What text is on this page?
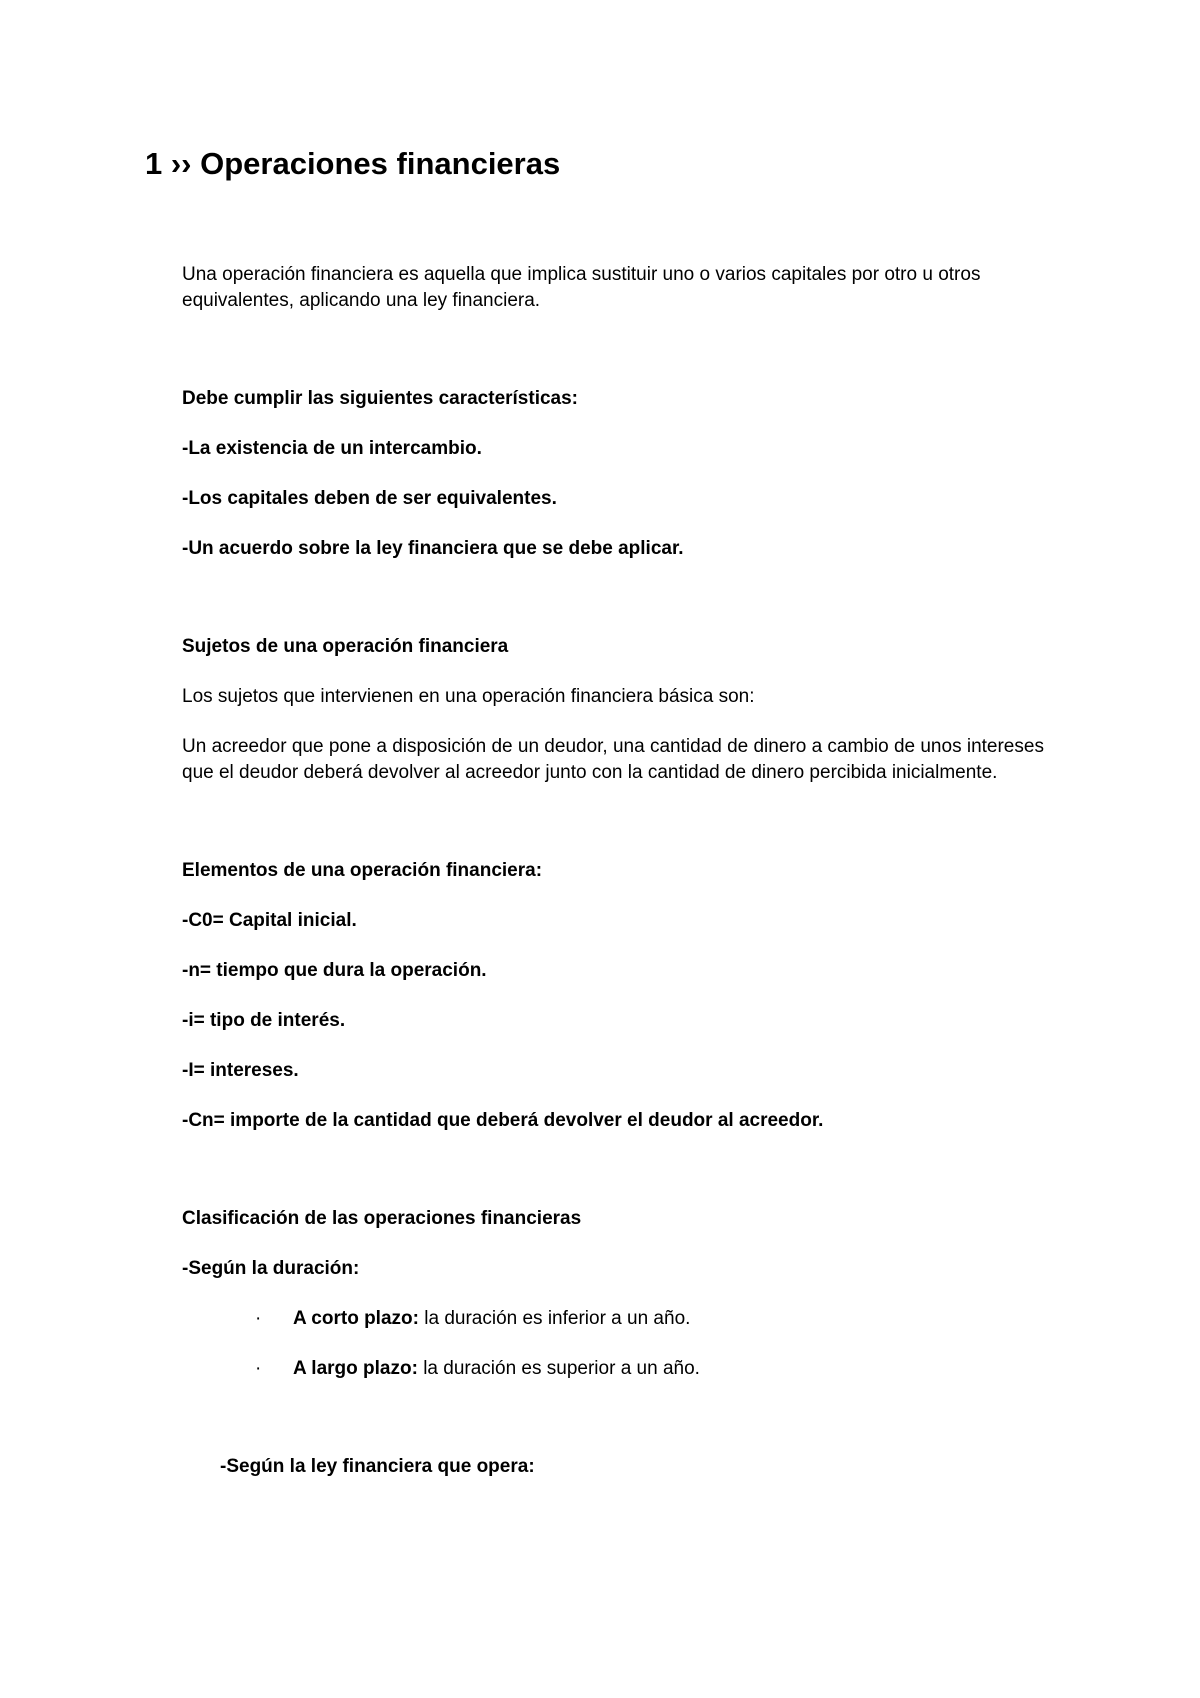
1 ›› Operaciones financieras

Una operación financiera es aquella que implica sustituir uno o varios capitales por otro u otros equivalentes, aplicando una ley financiera.

Debe cumplir las siguientes características:

-La existencia de un intercambio.

-Los capitales deben de ser equivalentes.

-Un acuerdo sobre la ley financiera que se debe aplicar.

Sujetos de una operación financiera

Los sujetos que intervienen en una operación financiera básica son:

Un acreedor que pone a disposición de un deudor, una cantidad de dinero a cambio de unos intereses que el deudor deberá devolver al acreedor junto con la cantidad de dinero percibida inicialmente.

Elementos de una operación financiera:

-C0= Capital inicial.

-n= tiempo que dura la operación.

-i= tipo de interés.

-I= intereses.

-Cn= importe de la cantidad que deberá devolver el deudor al acreedor.

Clasificación de las operaciones financieras

-Según la duración:

· A corto plazo: la duración es inferior a un año.

· A largo plazo: la duración es superior a un año.

-Según la ley financiera que opera:
